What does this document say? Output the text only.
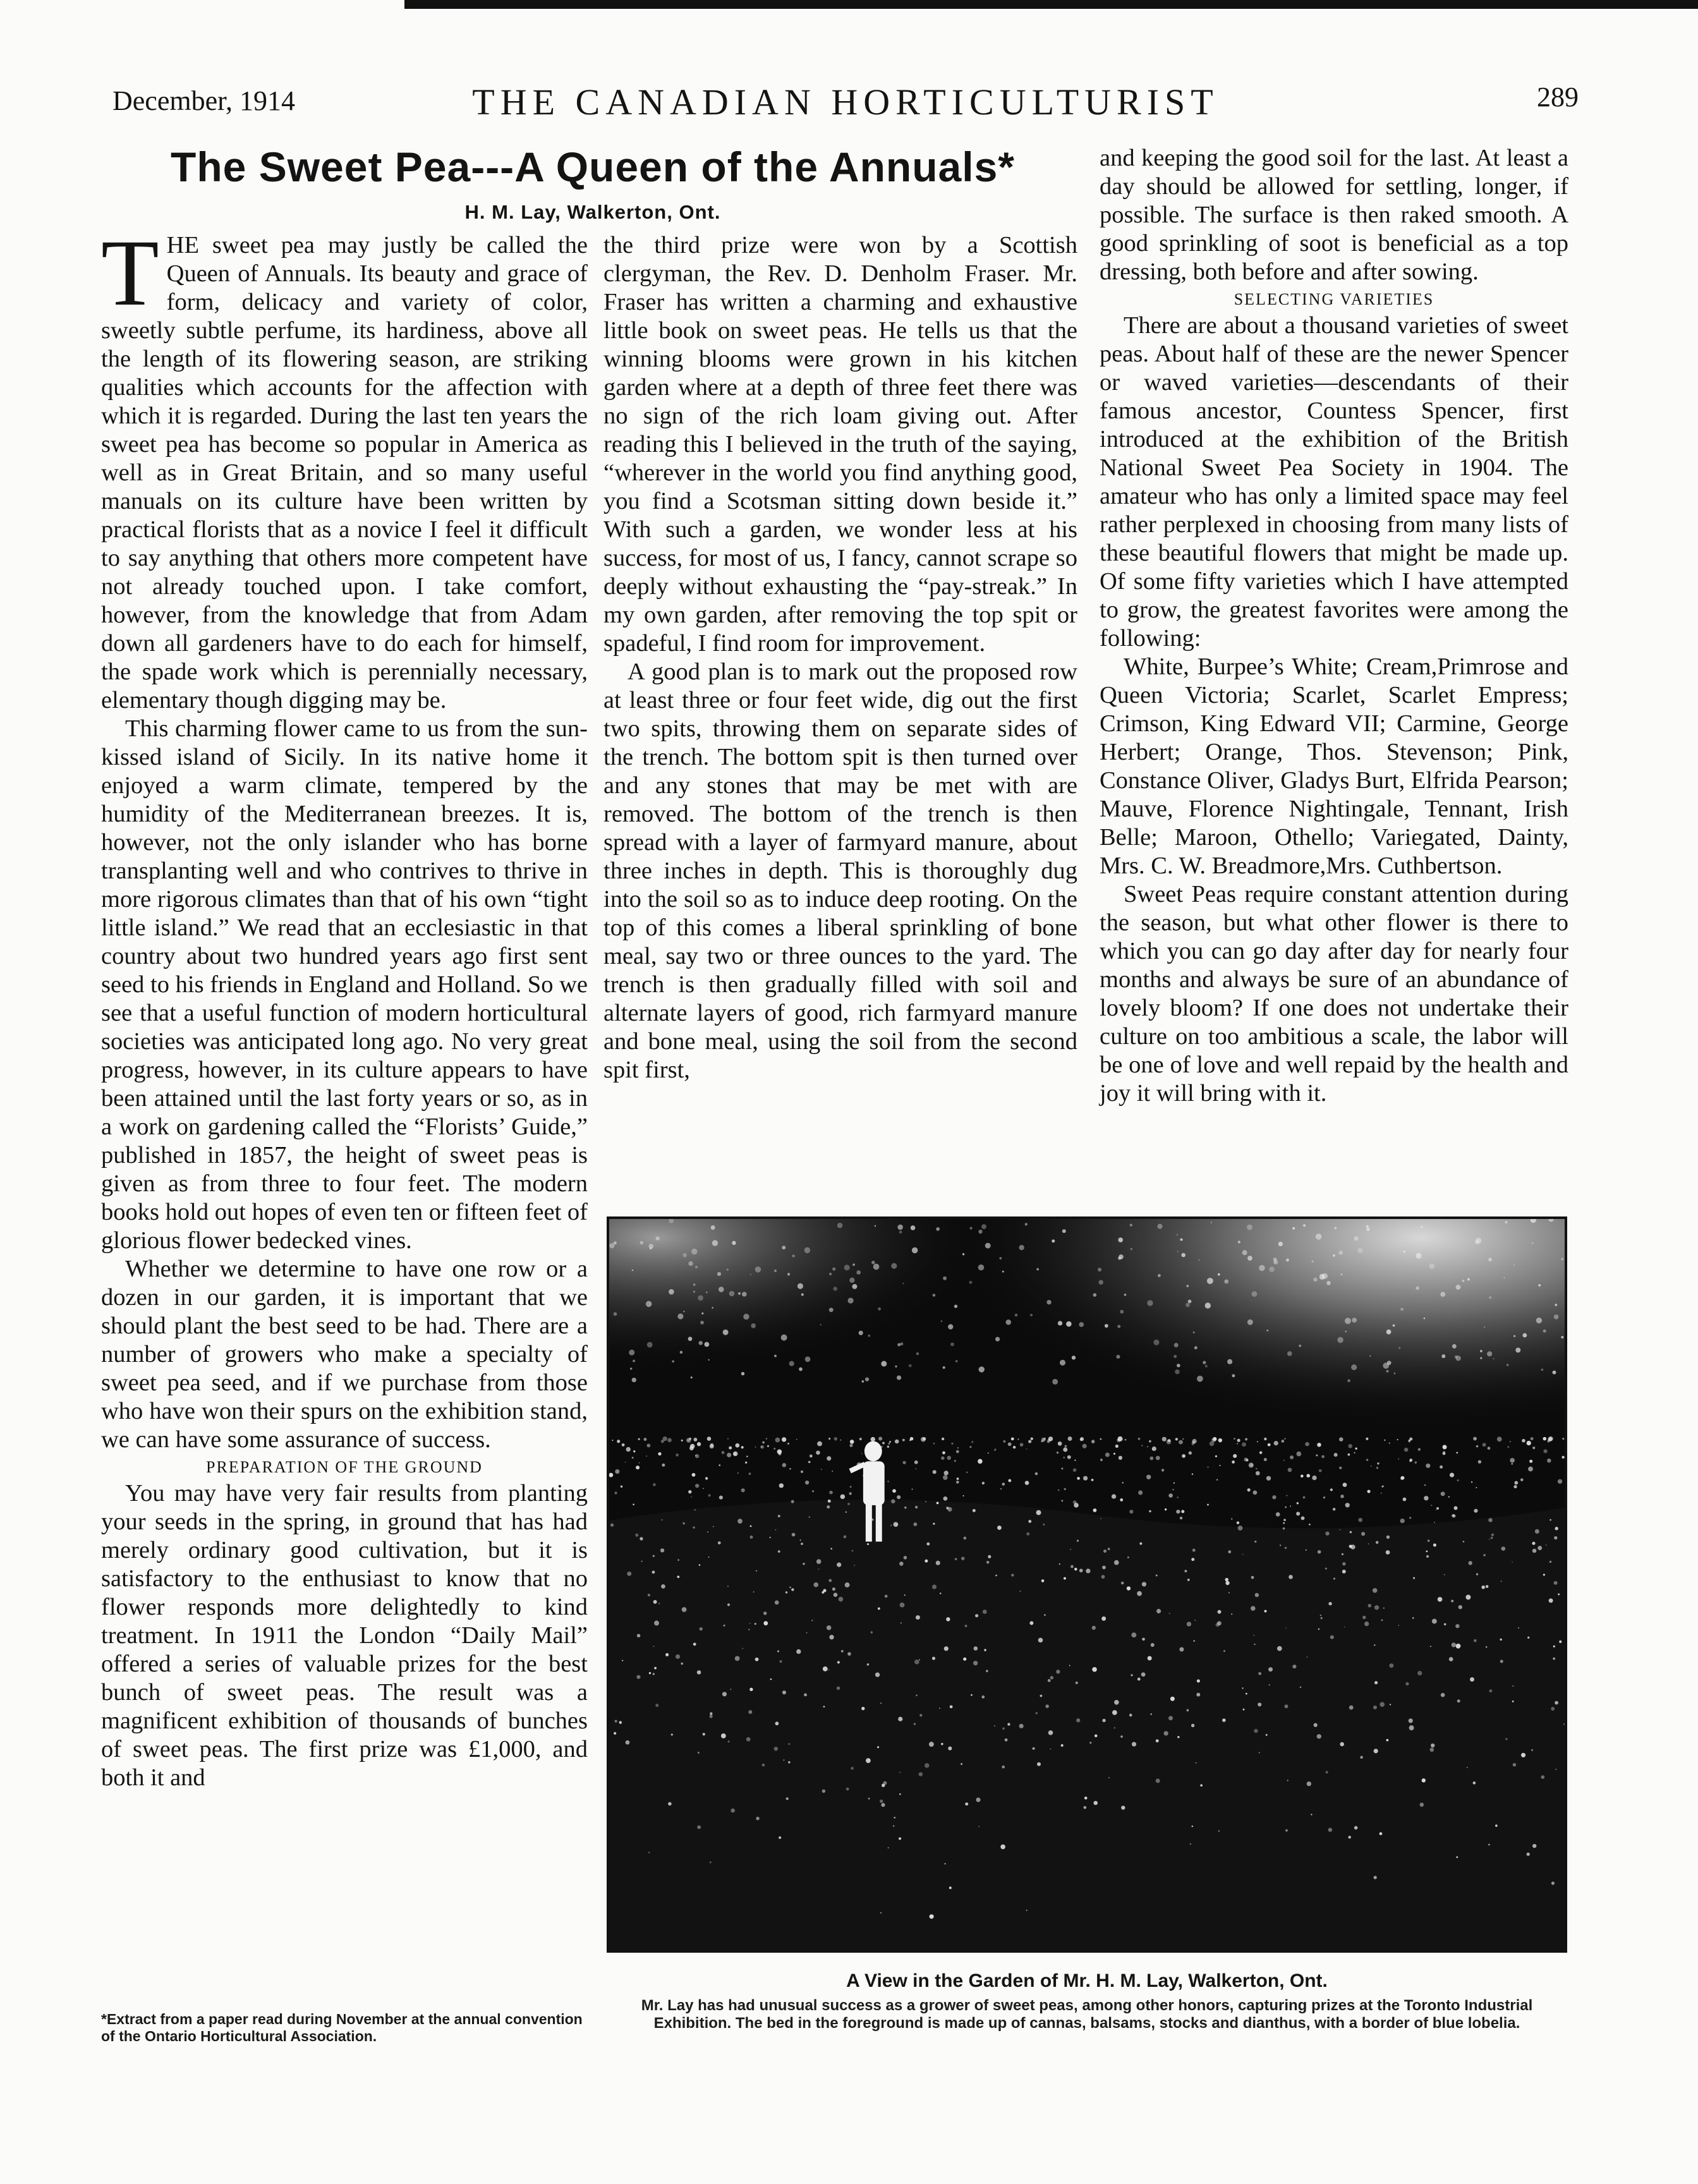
December, 1914	THE CANADIAN HORTICULTURIST	289
The Sweet Pea---A Queen of the Annuals*
H. M. Lay, Walkerton, Ont.
T HE sweet pea may justly be called the Queen of Annuals. Its beauty and grace of form, delicacy and variety of color, sweetly subtle perfume, its hardiness, above all the length of its flowering season, are striking qualities which accounts for the affection with which it is regarded. During the last ten years the sweet pea has become so popular in America as well as in Great Britain, and so many useful manuals on its culture have been written by practical florists that as a novice I feel it difficult to say anything that others more competent have not already touched upon. I take comfort, however, from the knowledge that from Adam down all gardeners have to do each for himself, the spade work which is perennially necessary, elementary though digging may be.

This charming flower came to us from the sun-kissed island of Sicily. In its native home it enjoyed a warm climate, tempered by the humidity of the Mediterranean breezes. It is, however, not the only islander who has borne transplanting well and who contrives to thrive in more rigorous climates than that of his own “tight little island.” We read that an ecclesiastic in that country about two hundred years ago first sent seed to his friends in England and Holland. So we see that a useful function of modern horticultural societies was anticipated long ago. No very great progress, however, in its culture appears to have been attained until the last forty years or so, as in a work on gardening called the “Florists’ Guide,” published in 1857, the height of sweet peas is given as from three to four feet. The modern books hold out hopes of even ten or fifteen feet of glorious flower bedecked vines.

Whether we determine to have one row or a dozen in our garden, it is important that we should plant the best seed to be had. There are a number of growers who make a specialty of sweet pea seed, and if we purchase from those who have won their spurs on the exhibition stand, we can have some assurance of success.

PREPARATION OF THE GROUND

You may have very fair results from planting your seeds in the spring, in ground that has had merely ordinary good cultivation, but it is satisfactory to the enthusiast to know that no flower responds more delightedly to kind treatment. In 1911 the London “Daily Mail” offered a series of valuable prizes for the best bunch of sweet peas. The result was a magnificent exhibition of thousands of bunches of sweet peas. The first prize was £1,000, and both it and

the third prize were won by a Scottish clergyman, the Rev. D. Denholm Fraser. Mr. Fraser has written a charming and exhaustive little book on sweet peas. He tells us that the winning blooms were grown in his kitchen garden where at a depth of three feet there was no sign of the rich loam giving out. After reading this I believed in the truth of the saying, “wherever in the world you find anything good, you find a Scotsman sitting down beside it.” With such a garden, we wonder less at his success, for most of us, I fancy, cannot scrape so deeply without exhausting the “pay-streak.” In my own garden, after removing the top spit or spadeful, I find room for improvement.

A good plan is to mark out the proposed row at least three or four feet wide, dig out the first two spits, throwing them on separate sides of the trench. The bottom spit is then turned over and any stones that may be met with are removed. The bottom of the trench is then spread with a layer of farmyard manure, about three inches in depth. This is thoroughly dug into the soil so as to induce deep rooting. On the top of this comes a liberal sprinkling of bone meal, say two or three ounces to the yard. The trench is then gradually filled with soil and alternate layers of good, rich farmyard manure and bone meal, using the soil from the second spit first,

and keeping the good soil for the last. At least a day should be allowed for settling, longer, if possible. The surface is then raked smooth. A good sprinkling of soot is beneficial as a top dressing, both before and after sowing.

SELECTING VARIETIES

There are about a thousand varieties of sweet peas. About half of these are the newer Spencer or waved varieties—descendants of their famous ancestor, Countess Spencer, first introduced at the exhibition of the British National Sweet Pea Society in 1904. The amateur who has only a limited space may feel rather perplexed in choosing from many lists of these beautiful flowers that might be made up. Of some fifty varieties which I have attempted to grow, the greatest favorites were among the following:

White, Burpee’s White; Cream,Primrose and Queen Victoria; Scarlet, Scarlet Empress; Crimson, King Edward VII; Carmine, George Herbert; Orange, Thos. Stevenson; Pink, Constance Oliver, Gladys Burt, Elfrida Pearson; Mauve, Florence Nightingale, Tennant, Irish Belle; Maroon, Othello; Variegated, Dainty, Mrs. C. W. Breadmore,Mrs. Cuthbertson.

Sweet Peas require constant attention during the season, but what other flower is there to which you can go day after day for nearly four months and always be sure of an abundance of lovely bloom? If one does not undertake their culture on too ambitious a scale, the labor will be one of love and well repaid by the health and joy it will bring with it.

*Extract from a paper read during November at the annual convention of the Ontario Horticultural Association.
A View in the Garden of Mr. H. M. Lay, Walkerton, Ont.
Mr. Lay has had unusual success as a grower of sweet peas, among other honors, capturing prizes at the Toronto Industrial Exhibition. The bed in the foreground is made up of cannas, balsams, stocks and dianthus, with a border of blue lobelia.
